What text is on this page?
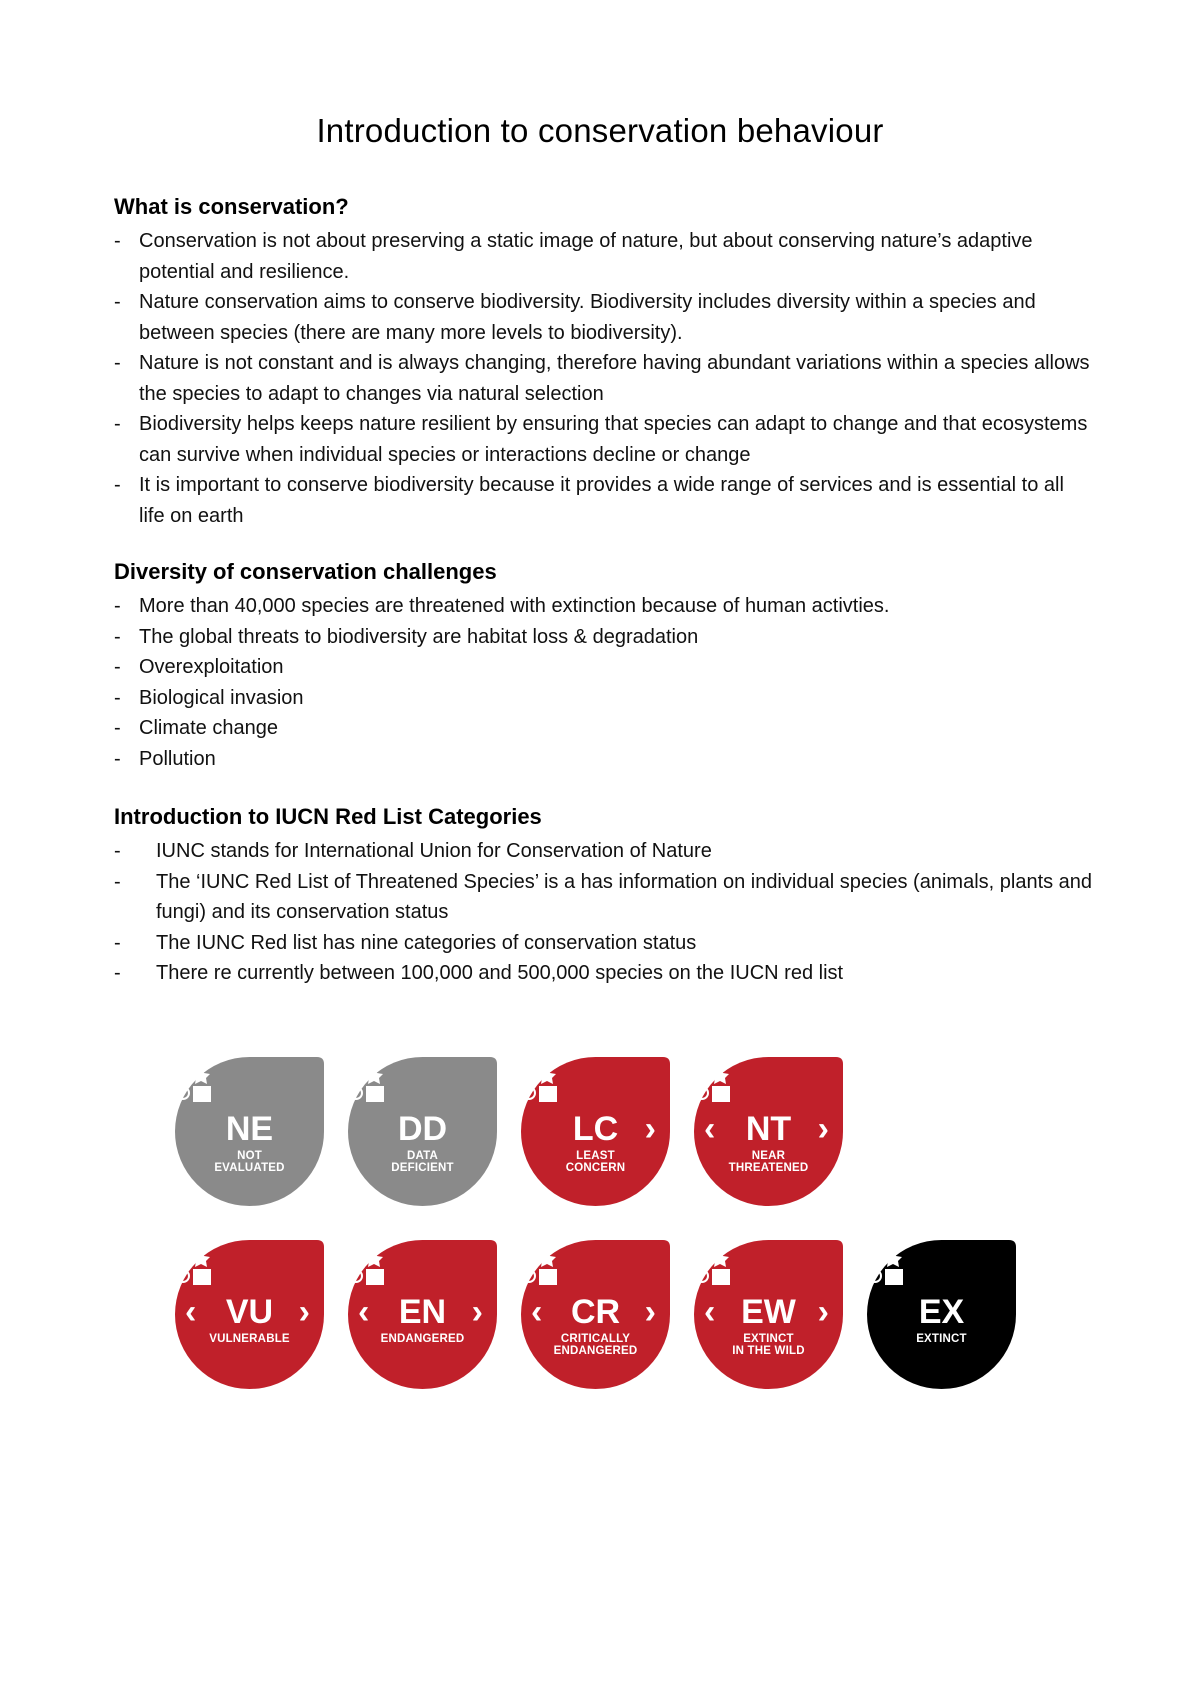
Introduction to conservation behaviour
What is conservation?
- Conservation is not about preserving a static image of nature, but about conserving nature’s adaptive potential and resilience.
- Nature conservation aims to conserve biodiversity. Biodiversity includes diversity within a species and between species (there are many more levels to biodiversity).
- Nature is not constant and is always changing, therefore having abundant variations within a species allows the species to adapt to changes via natural selection
- Biodiversity helps keeps nature resilient by ensuring that species can adapt to change and that ecosystems can survive when individual species or interactions decline or change
- It is important to conserve biodiversity because it provides a wide range of services and is essential to all life on earth
Diversity of conservation challenges
- More than 40,000 species are threatened with extinction because of human activties.
- The global threats to biodiversity are habitat loss & degradation
- Overexploitation
- Biological invasion
- Climate change
- Pollution
Introduction to IUCN Red List Categories
- IUNC stands for International Union for Conservation of Nature
- The ‘IUNC Red List of Threatened Species’ is a has information on individual species (animals, plants and fungi) and its conservation status
- The IUNC Red list has nine categories of conservation status
- There re currently between 100,000 and 500,000 species on the IUCN red list
NE
NOT
EVALUATED
DD
DATA
DEFICIENT
›
LC
LEAST
CONCERN
‹	›
NT
NEAR
THREATENED
‹	›
VU
VULNERABLE
‹	›
EN
ENDANGERED
‹	›
CR
CRITICALLY
ENDANGERED
‹	›
EW
EXTINCT
IN THE WILD
EX
EXTINCT
